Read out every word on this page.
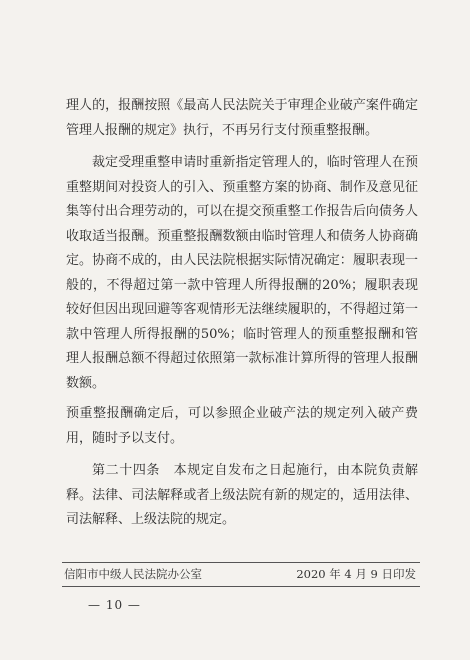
理人的，报酬按照《最高人民法院关于审理企业破产案件确定管理人报酬的规定》执行，不再另行支付预重整报酬。

裁定受理重整申请时重新指定管理人的，临时管理人在预重整期间对投资人的引入、预重整方案的协商、制作及意见征集等付出合理劳动的，可以在提交预重整工作报告后向债务人收取适当报酬。预重整报酬数额由临时管理人和债务人协商确定。协商不成的，由人民法院根据实际情况确定：履职表现一般的，不得超过第一款中管理人所得报酬的20%；履职表现较好但因出现回避等客观情形无法继续履职的，不得超过第一款中管理人所得报酬的50%；临时管理人的预重整报酬和管理人报酬总额不得超过依照第一款标准计算所得的管理人报酬数额。

预重整报酬确定后，可以参照企业破产法的规定列入破产费用，随时予以支付。

第二十四条　本规定自发布之日起施行，由本院负责解释。法律、司法解释或者上级法院有新的规定的，适用法律、司法解释、上级法院的规定。

信阳市中级人民法院办公室	2020 年 4 月 9 日印发
— 10 —
